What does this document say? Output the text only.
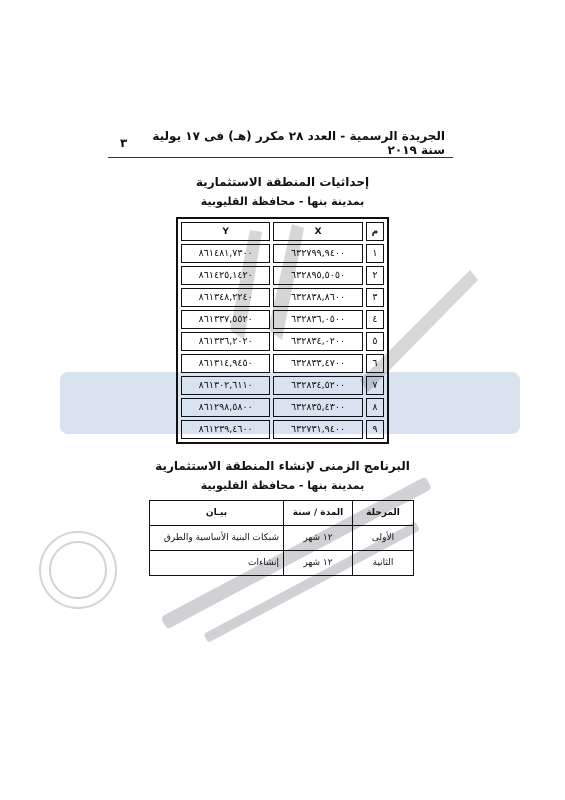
الجريدة الرسمية - العدد ٢٨ مكرر (هـ) فى ١٧ يولية سنة ٢٠١٩
٣
إحداثيات المنطقة الاستثمارية
بمدينة بنها - محافظة القليوبية
م	X	Y
١	٦٣٢٧٩٩,٩٤٠٠	٨٦١٤٨١,٧٣٠٠
٢	٦٣٢٨٩٥,٥٠٥٠	٨٦١٤٢٥,١٤٢٠
٣	٦٣٢٨٣٨,٨٦٠٠	٨٦١٣٤٨,٢٢٤٠
٤	٦٣٢٨٣٦,٠٥٠٠	٨٦١٣٣٧,٥٥٢٠
٥	٦٣٢٨٣٤,٠٢٠٠	٨٦١٣٣٦,٢٠٢٠
٦	٦٣٢٨٣٣,٤٧٠٠	٨٦١٣١٤,٩٤٥٠
٧	٦٣٢٨٣٤,٥٢٠٠	٨٦١٣٠٢,٦١١٠
٨	٦٣٢٨٣٥,٤٣٠٠	٨٦١٢٩٨,٥٨٠٠
٩	٦٣٢٧٣١,٩٤٠٠	٨٦١٢٣٩,٤٦٠٠
البرنامج الزمنى لإنشاء المنطقة الاستثمارية
بمدينة بنها - محافظة القليوبية
المرحلة	المدة / سنة	بيـان
الأولى	١٢ شهر	شبكات البنية الأساسية والطرق
الثانية	١٢ شهر	إنشاءات
